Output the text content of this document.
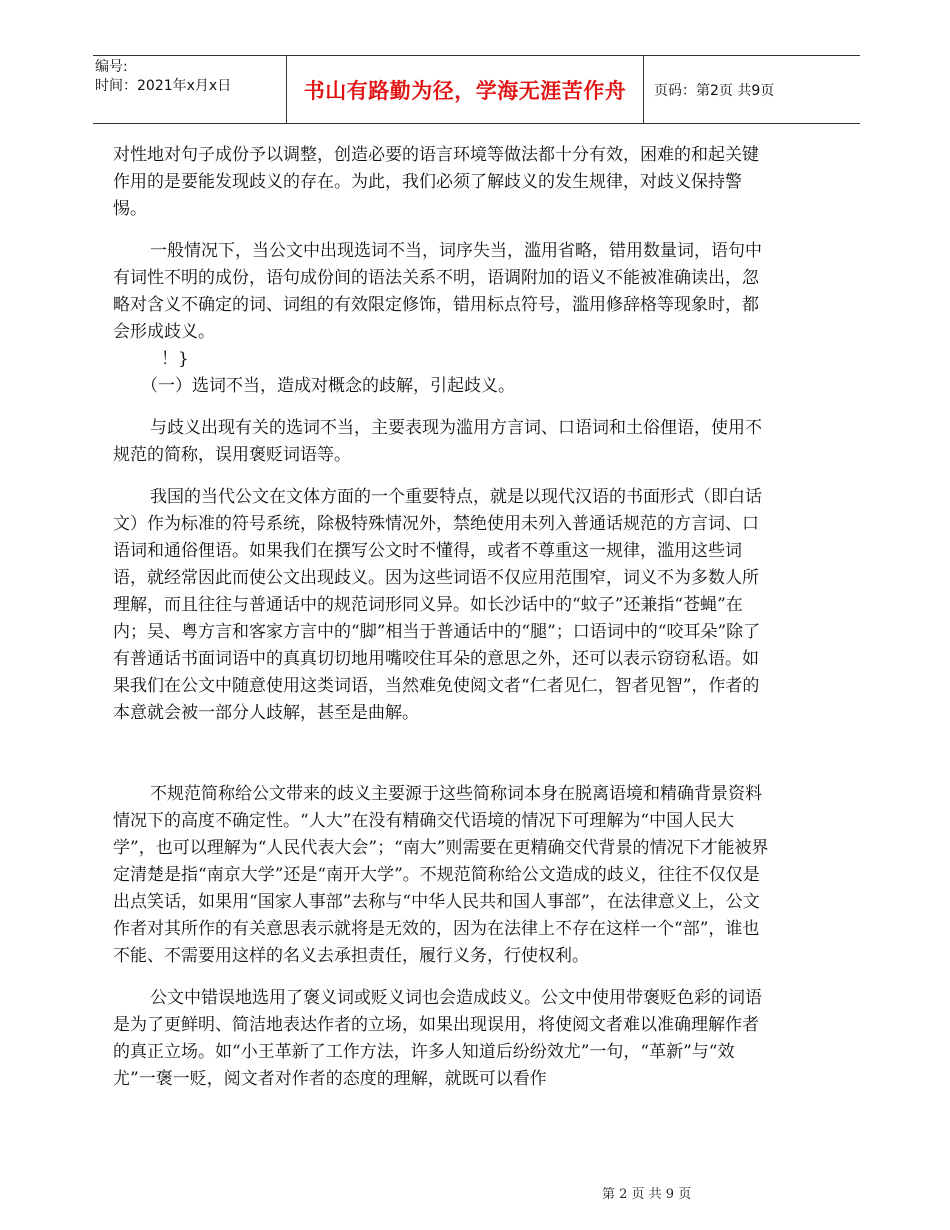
编号:
时间：2021年x月x日	书山有路勤为径，学海无涯苦作舟	页码：第2页 共9页

对性地对句子成份予以调整，创造必要的语言环境等做法都十分有效，困难的和起关键作用的是要能发现歧义的存在。为此，我们必须了解歧义的发生规律，对歧义保持警惕。

一般情况下，当公文中出现选词不当，词序失当，滥用省略，错用数量词，语句中有词性不明的成份，语句成份间的语法关系不明，语调附加的语义不能被准确读出，忽略对含义不确定的词、词组的有效限定修饰，错用标点符号，滥用修辞格等现象时，都会形成歧义。

！}

（一）选词不当，造成对概念的歧解，引起歧义。

与歧义出现有关的选词不当，主要表现为滥用方言词、口语词和土俗俚语，使用不规范的简称，误用褒贬词语等。

我国的当代公文在文体方面的一个重要特点，就是以现代汉语的书面形式（即白话文）作为标准的符号系统，除极特殊情况外，禁绝使用未列入普通话规范的方言词、口语词和通俗俚语。如果我们在撰写公文时不懂得，或者不尊重这一规律，滥用这些词语，就经常因此而使公文出现歧义。因为这些词语不仅应用范围窄，词义不为多数人所理解，而且往往与普通话中的规范词形同义异。如长沙话中的“蚊子”还兼指“苍蝇”在内；吴、粤方言和客家方言中的“脚”相当于普通话中的“腿”；口语词中的“咬耳朵”除了有普通话书面词语中的真真切切地用嘴咬住耳朵的意思之外，还可以表示窃窃私语。如果我们在公文中随意使用这类词语，当然难免使阅文者“仁者见仁，智者见智”，作者的本意就会被一部分人歧解，甚至是曲解。

不规范简称给公文带来的歧义主要源于这些简称词本身在脱离语境和精确背景资料情况下的高度不确定性。“人大”在没有精确交代语境的情况下可理解为“中国人民大学”，也可以理解为“人民代表大会”；“南大”则需要在更精确交代背景的情况下才能被界定清楚是指“南京大学”还是“南开大学”。不规范简称给公文造成的歧义，往往不仅仅是出点笑话，如果用“国家人事部”去称与“中华人民共和国人事部”，在法律意义上，公文作者对其所作的有关意思表示就将是无效的，因为在法律上不存在这样一个“部”，谁也不能、不需要用这样的名义去承担责任，履行义务，行使权利。

公文中错误地选用了褒义词或贬义词也会造成歧义。公文中使用带褒贬色彩的词语是为了更鲜明、简洁地表达作者的立场，如果出现误用，将使阅文者难以准确理解作者的真正立场。如“小王革新了工作方法，许多人知道后纷纷效尤”一句，“革新”与“效尤”一褒一贬，阅文者对作者的态度的理解，就既可以看作

第 2 页 共 9 页
